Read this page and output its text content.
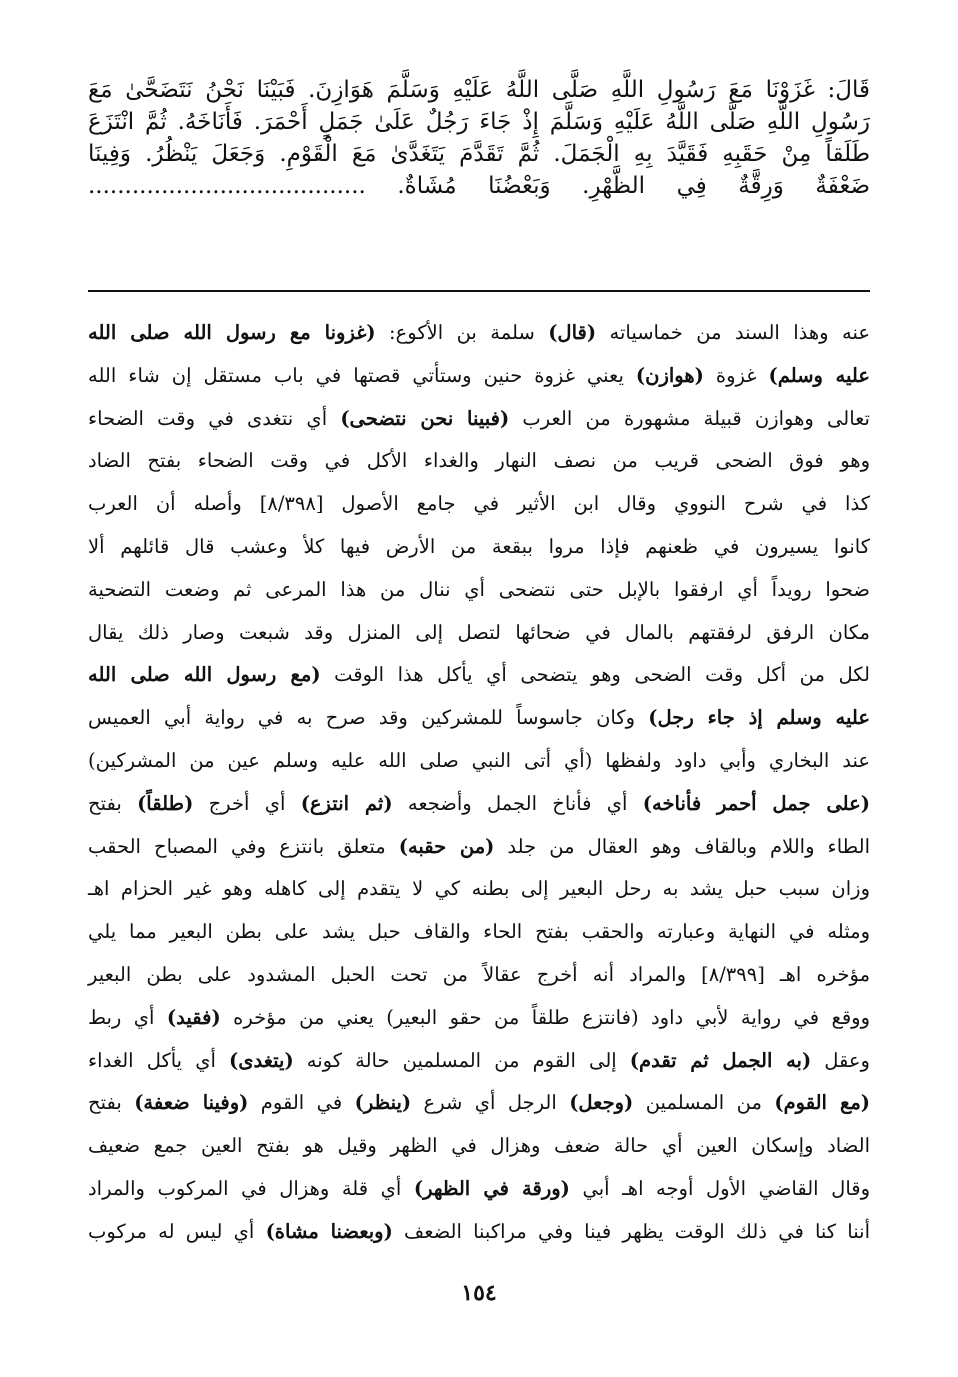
قَالَ: غَزَوْنَا مَعَ رَسُولِ اللَّهِ صَلَّى اللَّهُ عَلَيْهِ وَسَلَّمَ هَوَازِنَ. فَبَيْنَا نَحْنُ نَتَضَحَّىٰ مَعَ
رَسُولِ اللَّهِ صَلَّى اللَّهُ عَلَيْهِ وَسَلَّمَ إِذْ جَاءَ رَجُلٌ عَلَىٰ جَمَلٍ أَحْمَرَ. فَأَنَاخَهُ. ثُمَّ انْتَزَعَ
طَلَقاً مِنْ حَقَبِهِ فَقَيَّدَ بِهِ الْجَمَلَ. ثُمَّ تَقَدَّمَ يَتَغَدَّىٰ مَعَ الْقَوْمِ. وَجَعَلَ يَنْظُرُ. وَفِينَا
ضَعْفَةٌ وَرِقَّةٌ فِي الظَّهْرِ. وَبَعْضُنَا مُشَاةٌ. ......................................
عنه وهذا السند من خماسياته (قال) سلمة بن الأكوع: (غزونا مع رسول الله صلى الله
عليه وسلم) غزوة (هوازن) يعني غزوة حنين وستأتي قصتها في باب مستقل إن شاء الله
تعالى وهوازن قبيلة مشهورة من العرب (فبينا نحن نتضحى) أي نتغدى في وقت الضحاء
وهو فوق الضحى قريب من نصف النهار والغداء الأكل في وقت الضحاء بفتح الضاد
كذا في شرح النووي وقال ابن الأثير في جامع الأصول [٨/٣٩٨] وأصله أن العرب
كانوا يسيرون في ظعنهم فإذا مروا ببقعة من الأرض فيها كلأ وعشب قال قائلهم ألا
ضحوا رويداً أي ارفقوا بالإبل حتى نتضحى أي ننال من هذا المرعى ثم وضعت التضحية
مكان الرفق لرفقتهم بالمال في ضحائها لتصل إلى المنزل وقد شبعت وصار ذلك يقال
لكل من أكل وقت الضحى وهو يتضحى أي يأكل هذا الوقت (مع رسول الله صلى الله
عليه وسلم إذ جاء رجل) وكان جاسوساً للمشركين وقد صرح به في رواية أبي العميس
عند البخاري وأبي داود ولفظها (أي أتى النبي صلى الله عليه وسلم عين من المشركين)
(على جمل أحمر فأناخه) أي فأناخ الجمل وأضجعه (ثم انتزع) أي أخرج (طلقاً) بفتح
الطاء واللام وبالقاف وهو العقال من جلد (من حقبه) متعلق بانتزع وفي المصباح الحقب
وزان سبب حبل يشد به رحل البعير إلى بطنه كي لا يتقدم إلى كاهله وهو غير الحزام اهـ
ومثله في النهاية وعبارته والحقب بفتح الحاء والقاف حبل يشد على بطن البعير مما يلي
مؤخره اهـ [٨/٣٩٩] والمراد أنه أخرج عقالاً من تحت الحبل المشدود على بطن البعير
ووقع في رواية لأبي داود (فانتزع طلقاً من حقو البعير) يعني من مؤخره (فقيد) أي ربط
وعقل (به الجمل ثم تقدم) إلى القوم من المسلمين حالة كونه (يتغدى) أي يأكل الغداء
(مع القوم) من المسلمين (وجعل) الرجل أي شرع (ينظر) في القوم (وفينا ضعفة) بفتح
الضاد وإسكان العين أي حالة ضعف وهزال في الظهر وقيل هو بفتح العين جمع ضعيف
وقال القاضي الأول أوجه اهـ أبي (ورقة في الظهر) أي قلة وهزال في المركوب والمراد
أننا كنا في ذلك الوقت يظهر فينا وفي مراكبنا الضعف (وبعضنا مشاة) أي ليس له مركوب
١٥٤
